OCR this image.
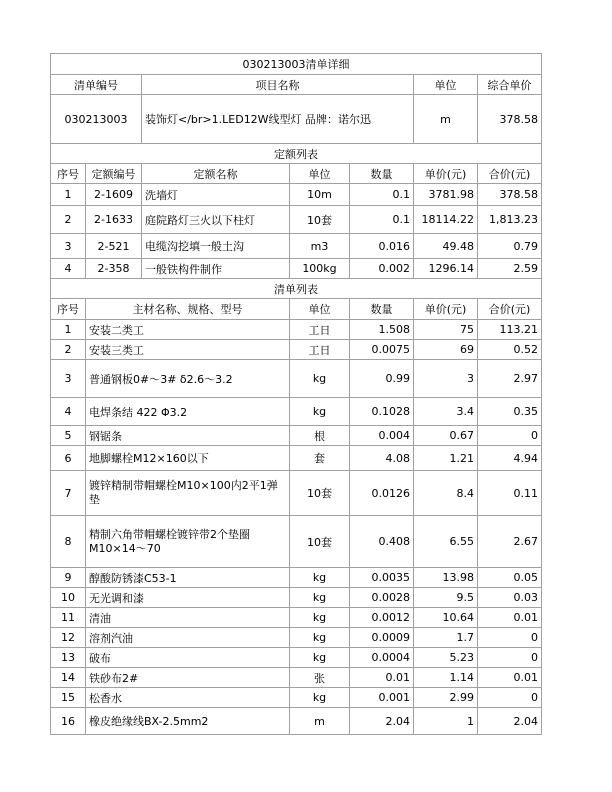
030213003清单详细						
清单编号		项目名称			单位	综合单价
030213003		装饰灯</br>1.LED12W线型灯 品牌：诺尔迅			m	378.58
定额列表						
序号	定额编号	定额名称	单位	数量	单价(元)	合价(元)
1	2-1609	洗墙灯	10m	0.1	3781.98	378.58
2	2-1633	庭院路灯三火以下柱灯	10套	0.1	18114.22	1,813.23
3	2-521	电缆沟挖填一般土沟	m3	0.016	49.48	0.79
4	2-358	一般铁构件制作	100kg	0.002	1296.14	2.59
清单列表						
序号	主材名称、规格、型号		单位	数量	单价(元)	合价(元)
1	安装二类工		工日	1.508	75	113.21
2	安装三类工		工日	0.0075	69	0.52
3	普通钢板0#～3# δ2.6～3.2		kg	0.99	3	2.97
4	电焊条结 422 Φ3.2		kg	0.1028	3.4	0.35
5	钢锯条		根	0.004	0.67	0
6	地脚螺栓M12×160以下		套	4.08	1.21	4.94
7	镀锌精制带帽螺栓M10×100内2平1弹垫		10套	0.0126	8.4	0.11
8	精制六角带帽螺栓镀锌带2个垫圈M10×14～70		10套	0.408	6.55	2.67
9	醇酸防锈漆C53-1		kg	0.0035	13.98	0.05
10	无光调和漆		kg	0.0028	9.5	0.03
11	清油		kg	0.0012	10.64	0.01
12	溶剂汽油		kg	0.0009	1.7	0
13	破布		kg	0.0004	5.23	0
14	铁砂布2#		张	0.01	1.14	0.01
15	松香水		kg	0.001	2.99	0
16	橡皮绝缘线BX-2.5mm2		m	2.04	1	2.04
